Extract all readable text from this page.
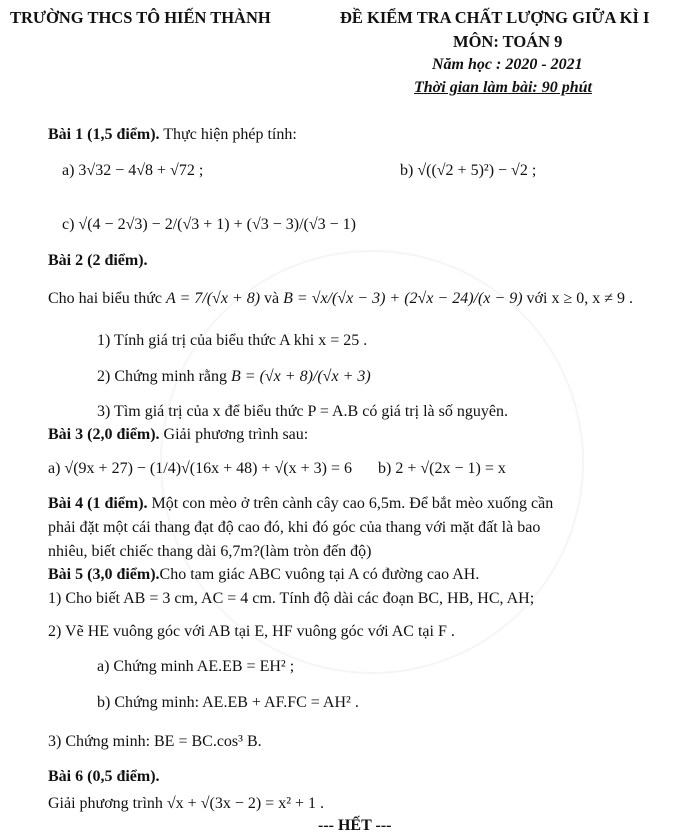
TRƯỜNG THCS TÔ HIẾN THÀNH	ĐỀ KIỂM TRA CHẤT LƯỢNG GIỮA KÌ I
MÔN: TOÁN 9
Năm học : 2020 - 2021
Thời gian làm bài: 90 phút
Bài 1 (1,5 điểm). Thực hiện phép tính:
a) 3√32 − 4√8 + √72 ;	b) √((√2 + 5)²) − √2 ;
c) √(4 − 2√3) − 2/(√3 + 1) + (√3 − 3)/(√3 − 1)
Bài 2 (2 điểm).
Cho hai biểu thức A = 7/(√x + 8) và B = √x/(√x − 3) + (2√x − 24)/(x − 9) với x ≥ 0, x ≠ 9 .
1) Tính giá trị của biểu thức A khi x = 25 .
2) Chứng minh rằng B = (√x + 8)/(√x + 3)
3) Tìm giá trị của x để biểu thức P = A.B có giá trị là số nguyên.
Bài 3 (2,0 điểm). Giải phương trình sau:
a) √(9x + 27) − (1/4)√(16x + 48) + √(x + 3) = 6 b) 2 + √(2x − 1) = x
Bài 4 (1 điểm). Một con mèo ở trên cành cây cao 6,5m. Để bắt mèo xuống cần
phải đặt một cái thang đạt độ cao đó, khi đó góc của thang với mặt đất là bao
nhiêu, biết chiếc thang dài 6,7m?(làm tròn đến độ)
Bài 5 (3,0 điểm).Cho tam giác ABC vuông tại A có đường cao AH.
1) Cho biết AB = 3 cm, AC = 4 cm. Tính độ dài các đoạn BC, HB, HC, AH;
2) Vẽ HE vuông góc với AB tại E, HF vuông góc với AC tại F .
a) Chứng minh AE.EB = EH² ;
b) Chứng minh: AE.EB + AF.FC = AH² .
3) Chứng minh: BE = BC.cos³ B.
Bài 6 (0,5 điểm).
Giải phương trình √x + √(3x − 2) = x² + 1 .
--- HẾT ---
